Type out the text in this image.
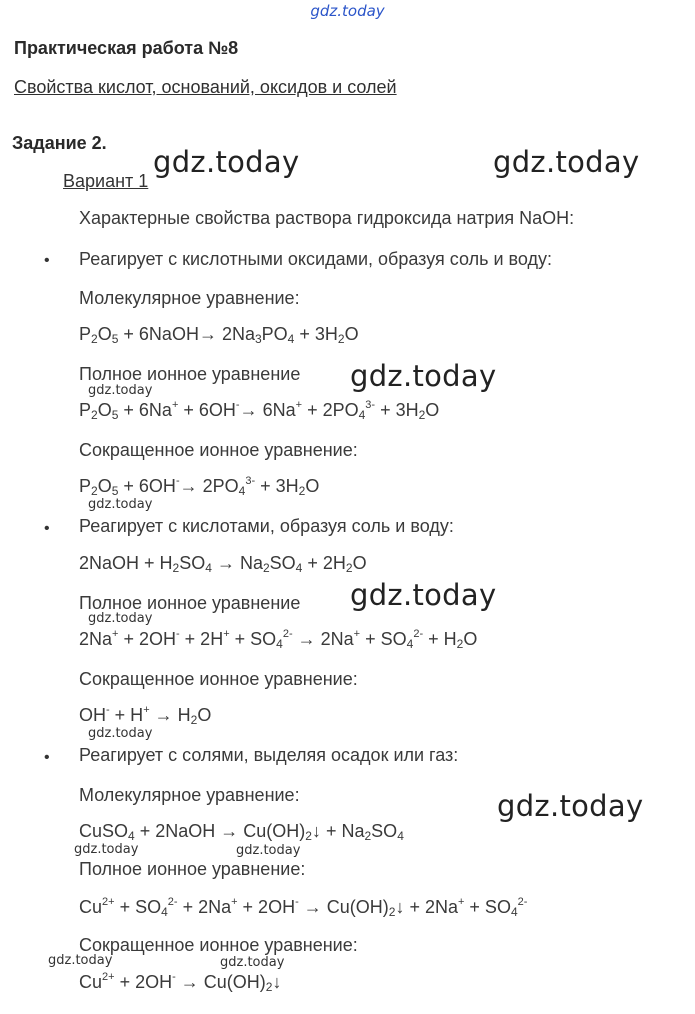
gdz.today
Практическая работа №8
Свойства кислот, оснований, оксидов и солей
Задание 2.
Вариант 1
Характерные свойства раствора гидроксида натрия NaOH:
• Реагирует с кислотными оксидами, образуя соль и воду:
Молекулярное уравнение:
$P_2O_5$ + 6NaOH→ $2Na_3PO_4 + 3H_2O$
Полное ионное уравнение
$P_2O_5 + 6Na^+ + 6OH^-\to 6Na^+ + 2PO_4^{3-} + 3H_2O$
Сокращенное ионное уравнение:
$P_2O_5 + 6OH^-\to 2PO_4^{3-} + 3H_2O$
• Реагирует с кислотами, образуя соль и воду:
2NaOH + $H_2SO_4 \to Na_2SO_4 + 2H_2O$
Полное ионное уравнение
$2Na^+ + 2OH^- + 2H^+ + SO_4^{2-} \to 2Na^+ + SO_4^{2-} + H_2O$
Сокращенное ионное уравнение:
$OH^- + H^+ \to H_2O$
• Реагирует с солями, выделяя осадок или газ:
Молекулярное уравнение:
CuSO$_4$ + 2NaOH → $Cu(OH)_2↓ + Na_2SO_4$
Полное ионное уравнение:
$Cu^{2+} + SO_4^{2-} + 2Na^+ + 2OH^-$ → $Cu(OH)_2↓ + 2Na^+ + SO_4^{2-}$
Сокращенное ионное уравнение:
$Cu^{2+} + 2OH^-$ → $Cu(OH)_2↓$
gdz.today	gdz.today
gdz.today
gdz.today
gdz.today
gdz.today
gdz.today
gdz.today
gdz.today
gdz.today	gdz.today
gdz.today
gdz.today
